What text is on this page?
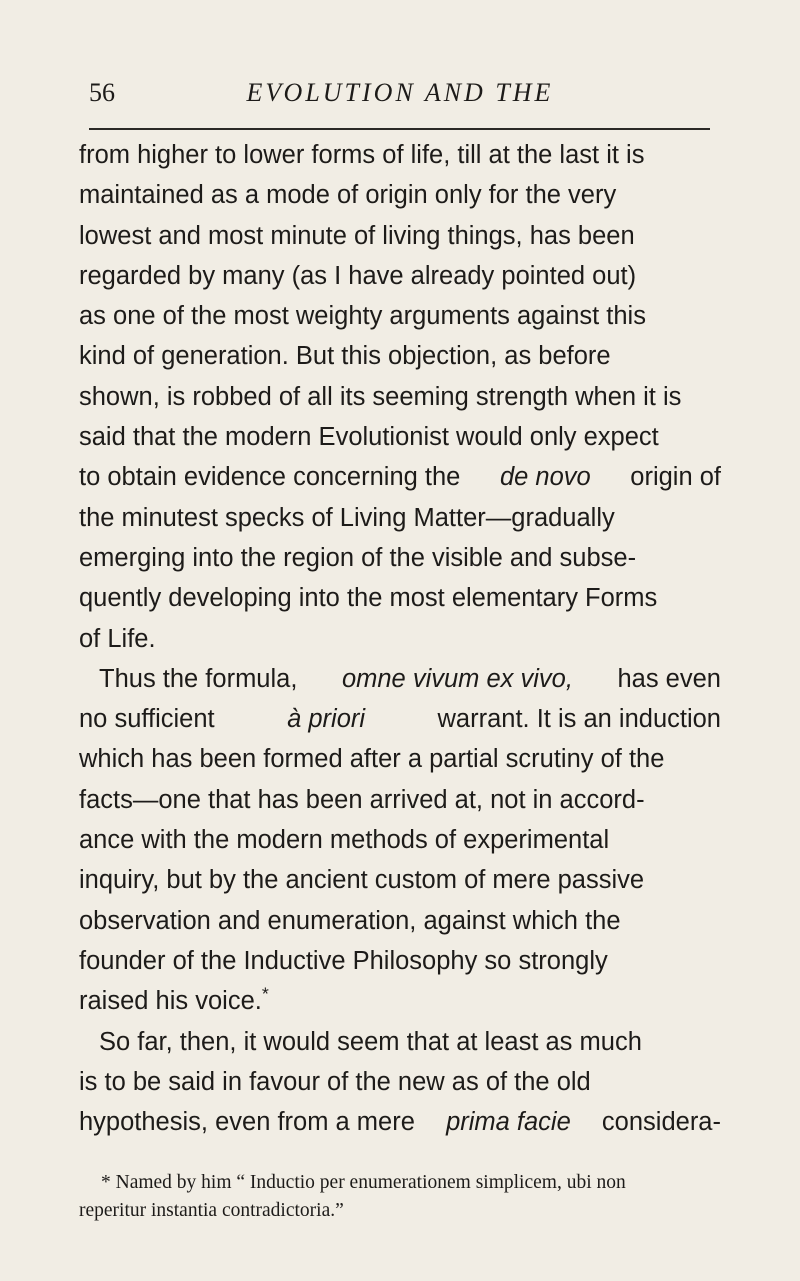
56	EVOLUTION AND THE
from higher to lower forms of life, till at the last it is
maintained as a mode of origin only for the very
lowest and most minute of living things, has been
regarded by many (as I have already pointed out)
as one of the most weighty arguments against this
kind of generation. But this objection, as before
shown, is robbed of all its seeming strength when it is
said that the modern Evolutionist would only expect
to obtain evidence concerning the de novo origin of
the minutest specks of Living Matter—gradually
emerging into the region of the visible and subse-
quently developing into the most elementary Forms
of Life.
Thus the formula, omne vivum ex vivo, has even
no sufficient	à priori	warrant. It is an induction
which has been formed after a partial scrutiny of the
facts—one that has been arrived at, not in accord-
ance with the modern methods of experimental
inquiry, but by the ancient custom of mere passive
observation and enumeration, against which the
founder of the Inductive Philosophy so strongly
raised his voice.*
So far, then, it would seem that at least as much
is to be said in favour of the new as of the old
hypothesis, even from a mere prima facie considera-
* Named by him “ Inductio per enumerationem simplicem, ubi non
reperitur instantia contradictoria.”
